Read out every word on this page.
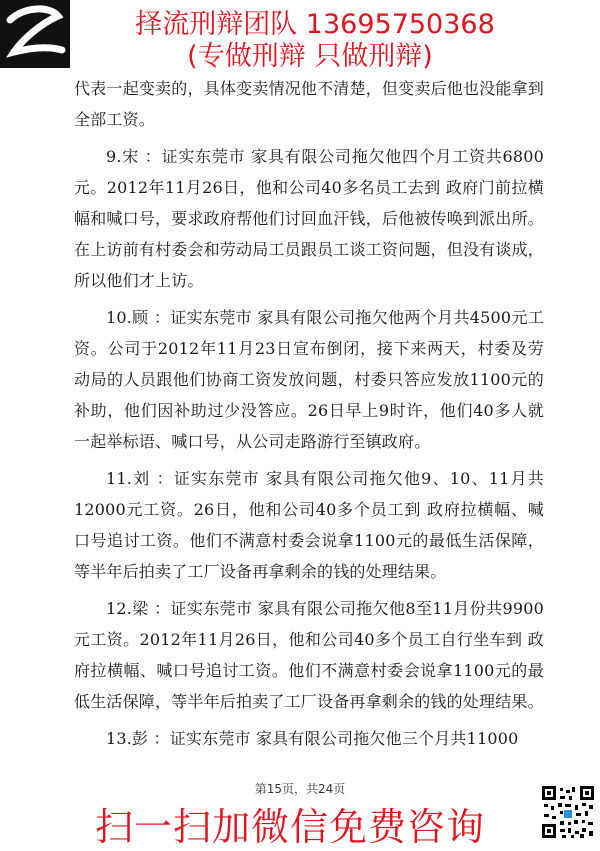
择流刑辩团队 13695750368
(专做刑辩 只做刑辩)

代表一起变卖的，具体变卖情况他不清楚，但变卖后他也没能拿到全部工资。

9.宋 ：证实东莞市 家具有限公司拖欠他四个月工资共6800元。2012年11月26日，他和公司40多名员工去到 政府门前拉横幅和喊口号，要求政府帮他们讨回血汗钱，后他被传唤到派出所。在上访前有村委会和劳动局工员跟员工谈工资问题，但没有谈成，所以他们才上访。

10.顾 ：证实东莞市 家具有限公司拖欠他两个月共4500元工资。公司于2012年11月23日宣布倒闭，接下来两天，村委及劳动局的人员跟他们协商工资发放问题，村委只答应发放1100元的补助，他们因补助过少没答应。26日早上9时许，他们40多人就一起举标语、喊口号，从公司走路游行至镇政府。

11.刘 ：证实东莞市 家具有限公司拖欠他9、10、11月共12000元工资。26日，他和公司40多个员工到 政府拉横幅、喊口号追讨工资。他们不满意村委会说拿1100元的最低生活保障，等半年后拍卖了工厂设备再拿剩余的钱的处理结果。

12.梁 ：证实东莞市 家具有限公司拖欠他8至11月份共9900元工资。2012年11月26日，他和公司40多个员工自行坐车到 政府拉横幅、喊口号追讨工资。他们不满意村委会说拿1100元的最低生活保障，等半年后拍卖了工厂设备再拿剩余的钱的处理结果。

13.彭 ：证实东莞市 家具有限公司拖欠他三个月共11000

第15页，共24页
扫一扫加微信免费咨询
